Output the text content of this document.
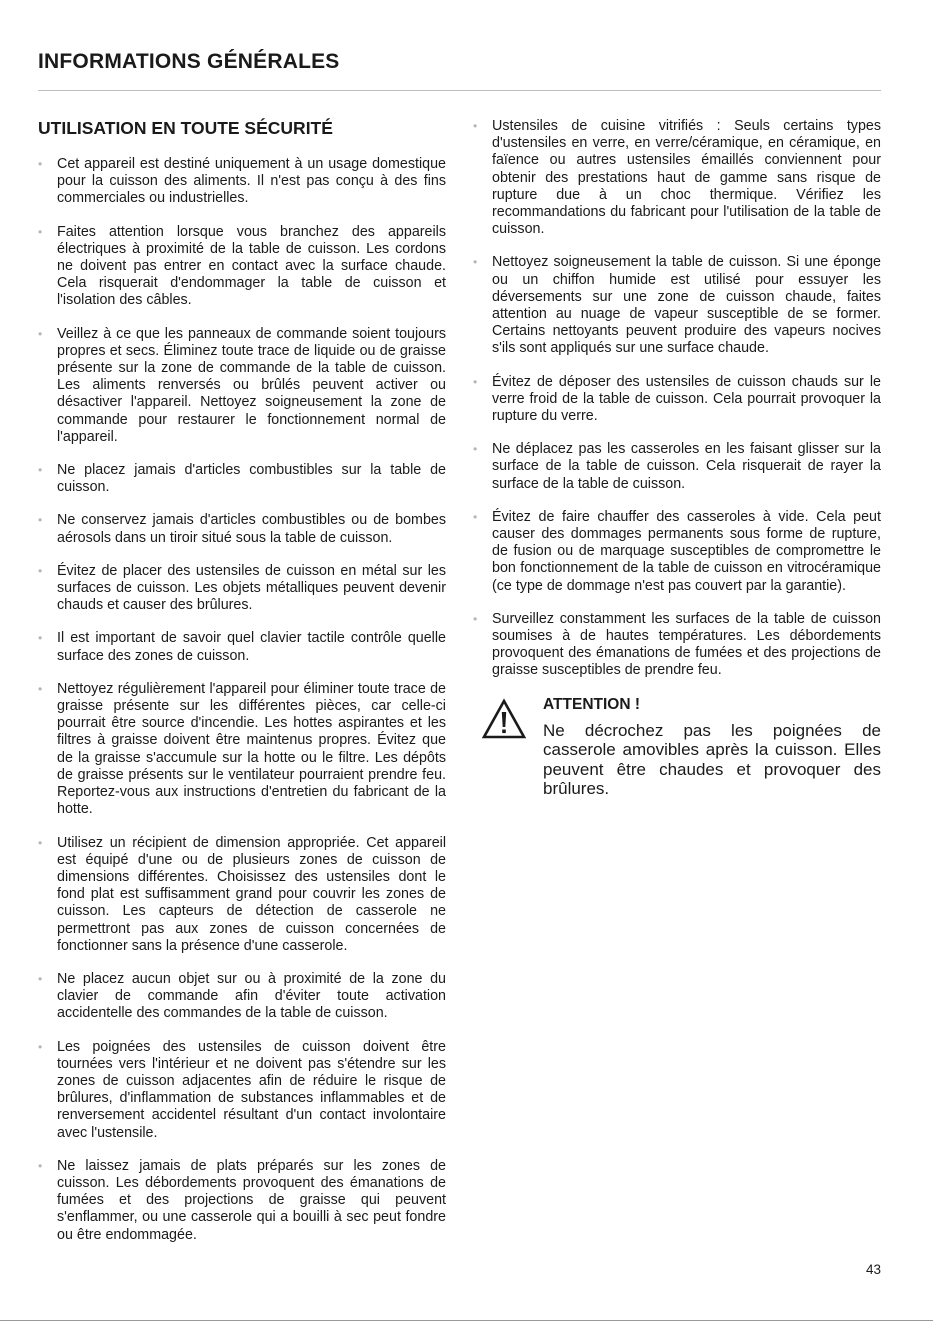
INFORMATIONS GÉNÉRALES
UTILISATION EN TOUTE SÉCURITÉ
• Cet appareil est destiné uniquement à un usage domestique pour la cuisson des aliments. Il n'est pas conçu à des fins commerciales ou industrielles.
• Faites attention lorsque vous branchez des appareils électriques à proximité de la table de cuisson. Les cordons ne doivent pas entrer en contact avec la surface chaude. Cela risquerait d'endommager la table de cuisson et l'isolation des câbles.
• Veillez à ce que les panneaux de commande soient toujours propres et secs. Éliminez toute trace de liquide ou de graisse présente sur la zone de commande de la table de cuisson. Les aliments renversés ou brûlés peuvent activer ou désactiver l'appareil. Nettoyez soigneusement la zone de commande pour restaurer le fonctionnement normal de l'appareil.
• Ne placez jamais d'articles combustibles sur la table de cuisson.
• Ne conservez jamais d'articles combustibles ou de bombes aérosols dans un tiroir situé sous la table de cuisson.
• Évitez de placer des ustensiles de cuisson en métal sur les surfaces de cuisson. Les objets métalliques peuvent devenir chauds et causer des brûlures.
• Il est important de savoir quel clavier tactile contrôle quelle surface des zones de cuisson.
• Nettoyez régulièrement l'appareil pour éliminer toute trace de graisse présente sur les différentes pièces, car celle-ci pourrait être source d'incendie. Les hottes aspirantes et les filtres à graisse doivent être maintenus propres. Évitez que de la graisse s'accumule sur la hotte ou le filtre. Les dépôts de graisse présents sur le ventilateur pourraient prendre feu. Reportez-vous aux instructions d'entretien du fabricant de la hotte.
• Utilisez un récipient de dimension appropriée. Cet appareil est équipé d'une ou de plusieurs zones de cuisson de dimensions différentes. Choisissez des ustensiles dont le fond plat est suffisamment grand pour couvrir les zones de cuisson. Les capteurs de détection de casserole ne permettront pas aux zones de cuisson concernées de fonctionner sans la présence d'une casserole.
• Ne placez aucun objet sur ou à proximité de la zone du clavier de commande afin d'éviter toute activation accidentelle des commandes de la table de cuisson.
• Les poignées des ustensiles de cuisson doivent être tournées vers l'intérieur et ne doivent pas s'étendre sur les zones de cuisson adjacentes afin de réduire le risque de brûlures, d'inflammation de substances inflammables et de renversement accidentel résultant d'un contact involontaire avec l'ustensile.
• Ne laissez jamais de plats préparés sur les zones de cuisson. Les débordements provoquent des émanations de fumées et des projections de graisse qui peuvent s'enflammer, ou une casserole qui a bouilli à sec peut fondre ou être endommagée.
• Ustensiles de cuisine vitrifiés : Seuls certains types d'ustensiles en verre, en verre/céramique, en céramique, en faïence ou autres ustensiles émaillés conviennent pour obtenir des prestations haut de gamme sans risque de rupture due à un choc thermique. Vérifiez les recommandations du fabricant pour l'utilisation de la table de cuisson.
• Nettoyez soigneusement la table de cuisson. Si une éponge ou un chiffon humide est utilisé pour essuyer les déversements sur une zone de cuisson chaude, faites attention au nuage de vapeur susceptible de se former. Certains nettoyants peuvent produire des vapeurs nocives s'ils sont appliqués sur une surface chaude.
• Évitez de déposer des ustensiles de cuisson chauds sur le verre froid de la table de cuisson. Cela pourrait provoquer la rupture du verre.
• Ne déplacez pas les casseroles en les faisant glisser sur la surface de la table de cuisson. Cela risquerait de rayer la surface de la table de cuisson.
• Évitez de faire chauffer des casseroles à vide. Cela peut causer des dommages permanents sous forme de rupture, de fusion ou de marquage susceptibles de compromettre le bon fonctionnement de la table de cuisson en vitrocéramique (ce type de dommage n'est pas couvert par la garantie).
• Surveillez constamment les surfaces de la table de cuisson soumises à de hautes températures. Les débordements provoquent des émanations de fumées et des projections de graisse susceptibles de prendre feu.
ATTENTION !
Ne décrochez pas les poignées de casserole amovibles après la cuisson. Elles peuvent être chaudes et provoquer des brûlures.
43
